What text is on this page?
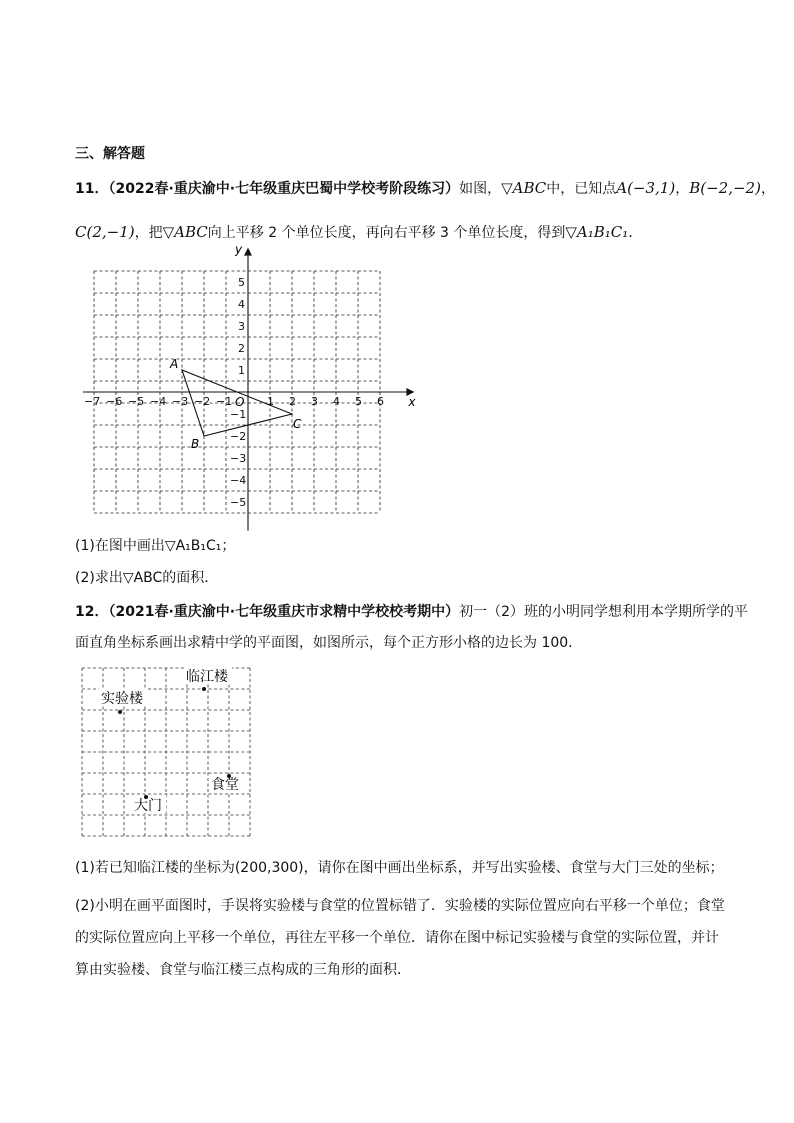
三、解答题
11．（2022春·重庆渝中·七年级重庆巴蜀中学校考阶段练习）如图，▽ABC中，已知点A(−3,1)，B(−2,−2)，
C(2,−1)，把▽ABC向上平移 2 个单位长度，再向右平移 3 个单位长度，得到▽A₁B₁C₁．
−7 −6 −5 −4 −3 −2 −1	1 2 3 4 5 6
5
4
3
2
1
−1
−2
−3
−4
−5
A
B
C
O	x
y
(1)在图中画出▽A₁B₁C₁；
(2)求出▽ABC的面积．
12．（2021春·重庆渝中·七年级重庆市求精中学校校考期中）初一（2）班的小明同学想利用本学期所学的平
面直角坐标系画出求精中学的平面图，如图所示，每个正方形小格的边长为 100．
临江楼
实验楼
食堂
大门
(1)若已知临江楼的坐标为(200,300)，请你在图中画出坐标系，并写出实验楼、食堂与大门三处的坐标；
(2)小明在画平面图时，手误将实验楼与食堂的位置标错了．实验楼的实际位置应向右平移一个单位；食堂
的实际位置应向上平移一个单位，再往左平移一个单位．请你在图中标记实验楼与食堂的实际位置，并计
算由实验楼、食堂与临江楼三点构成的三角形的面积．
